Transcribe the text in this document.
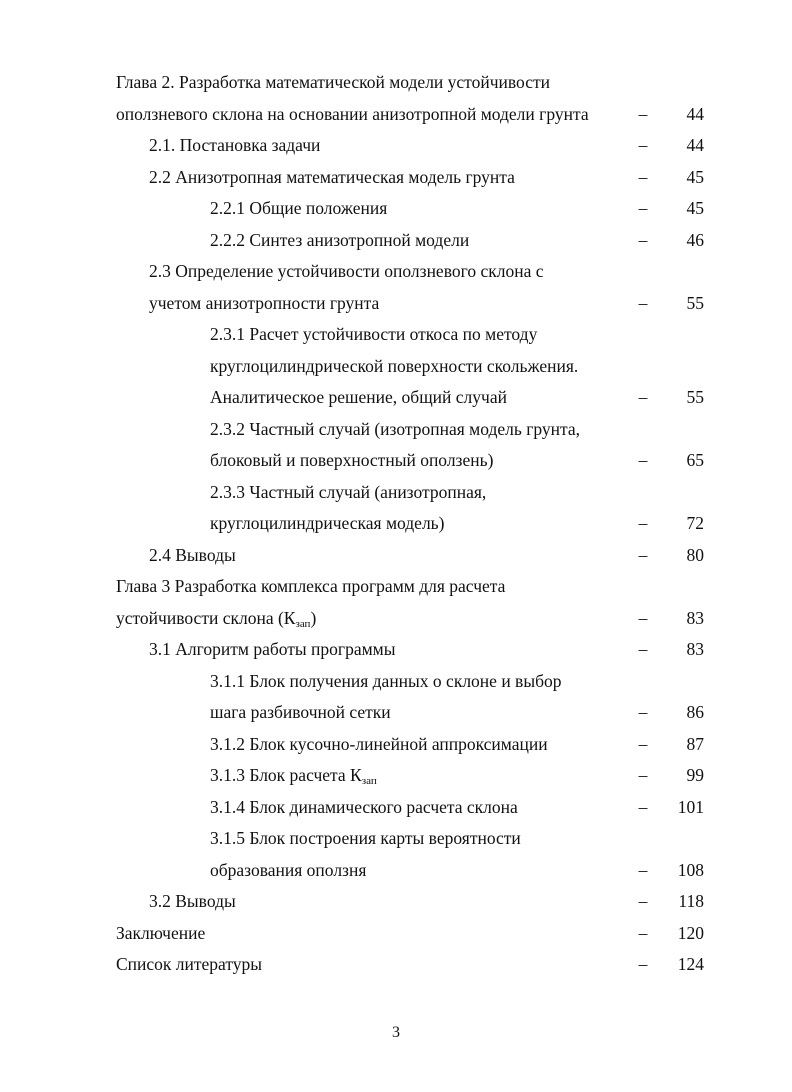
Глава 2. Разработка математической модели устойчивости
оползневого склона на основании анизотропной модели грунта	– 44
2.1. Постановка задачи	– 44
2.2 Анизотропная математическая модель грунта	– 45
2.2.1 Общие положения	– 45
2.2.2 Синтез анизотропной модели	– 46
2.3 Определение устойчивости оползневого склона с
учетом анизотропности грунта	– 55
2.3.1 Расчет устойчивости откоса по методу
круглоцилиндрической поверхности скольжения.
Аналитическое решение, общий случай	– 55
2.3.2 Частный случай (изотропная модель грунта,
блоковый и поверхностный оползень)	– 65
2.3.3 Частный случай (анизотропная,
круглоцилиндрическая модель)	– 72
2.4 Выводы	– 80
Глава 3 Разработка комплекса программ для расчета
устойчивости склона $(К_{зап})$	– 83
3.1 Алгоритм работы программы	– 83
3.1.1 Блок получения данных о склоне и выбор
шага разбивочной сетки	– 86
3.1.2 Блок кусочно-линейной аппроксимации	– 87
3.1.3 Блок расчета $К_{зап}$	– 99
3.1.4 Блок динамического расчета склона	– 101
3.1.5 Блок построения карты вероятности
образования оползня	– 108
3.2 Выводы	– 118
Заключение	– 120
Список литературы	– 124
3
